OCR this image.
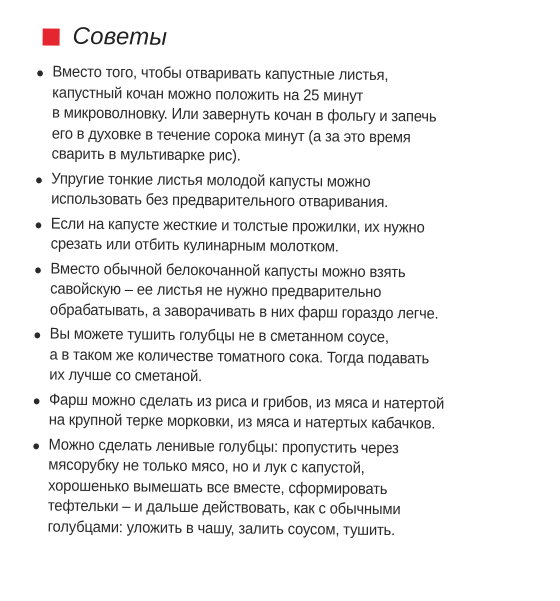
Советы
Вместо того, чтобы отваривать капустные листья,
капустный кочан можно положить на 25 минут
в микроволновку. Или завернуть кочан в фольгу и запечь
его в духовке в течение сорока минут (а за это время
сварить в мультиварке рис).
Упругие тонкие листья молодой капусты можно
использовать без предварительного отваривания.
Если на капусте жесткие и толстые прожилки, их нужно
срезать или отбить кулинарным молотком.
Вместо обычной белокочанной капусты можно взять
савойскую – ее листья не нужно предварительно
обрабатывать, а заворачивать в них фарш гораздо легче.
Вы можете тушить голубцы не в сметанном соусе,
а в таком же количестве томатного сока. Тогда подавать
их лучше со сметаной.
Фарш можно сделать из риса и грибов, из мяса и натертой
на крупной терке морковки, из мяса и натертых кабачков.
Можно сделать ленивые голубцы: пропустить через
мясорубку не только мясо, но и лук с капустой,
хорошенько вымешать все вместе, сформировать
тефтельки – и дальше действовать, как с обычными
голубцами: уложить в чашу, залить соусом, тушить.
